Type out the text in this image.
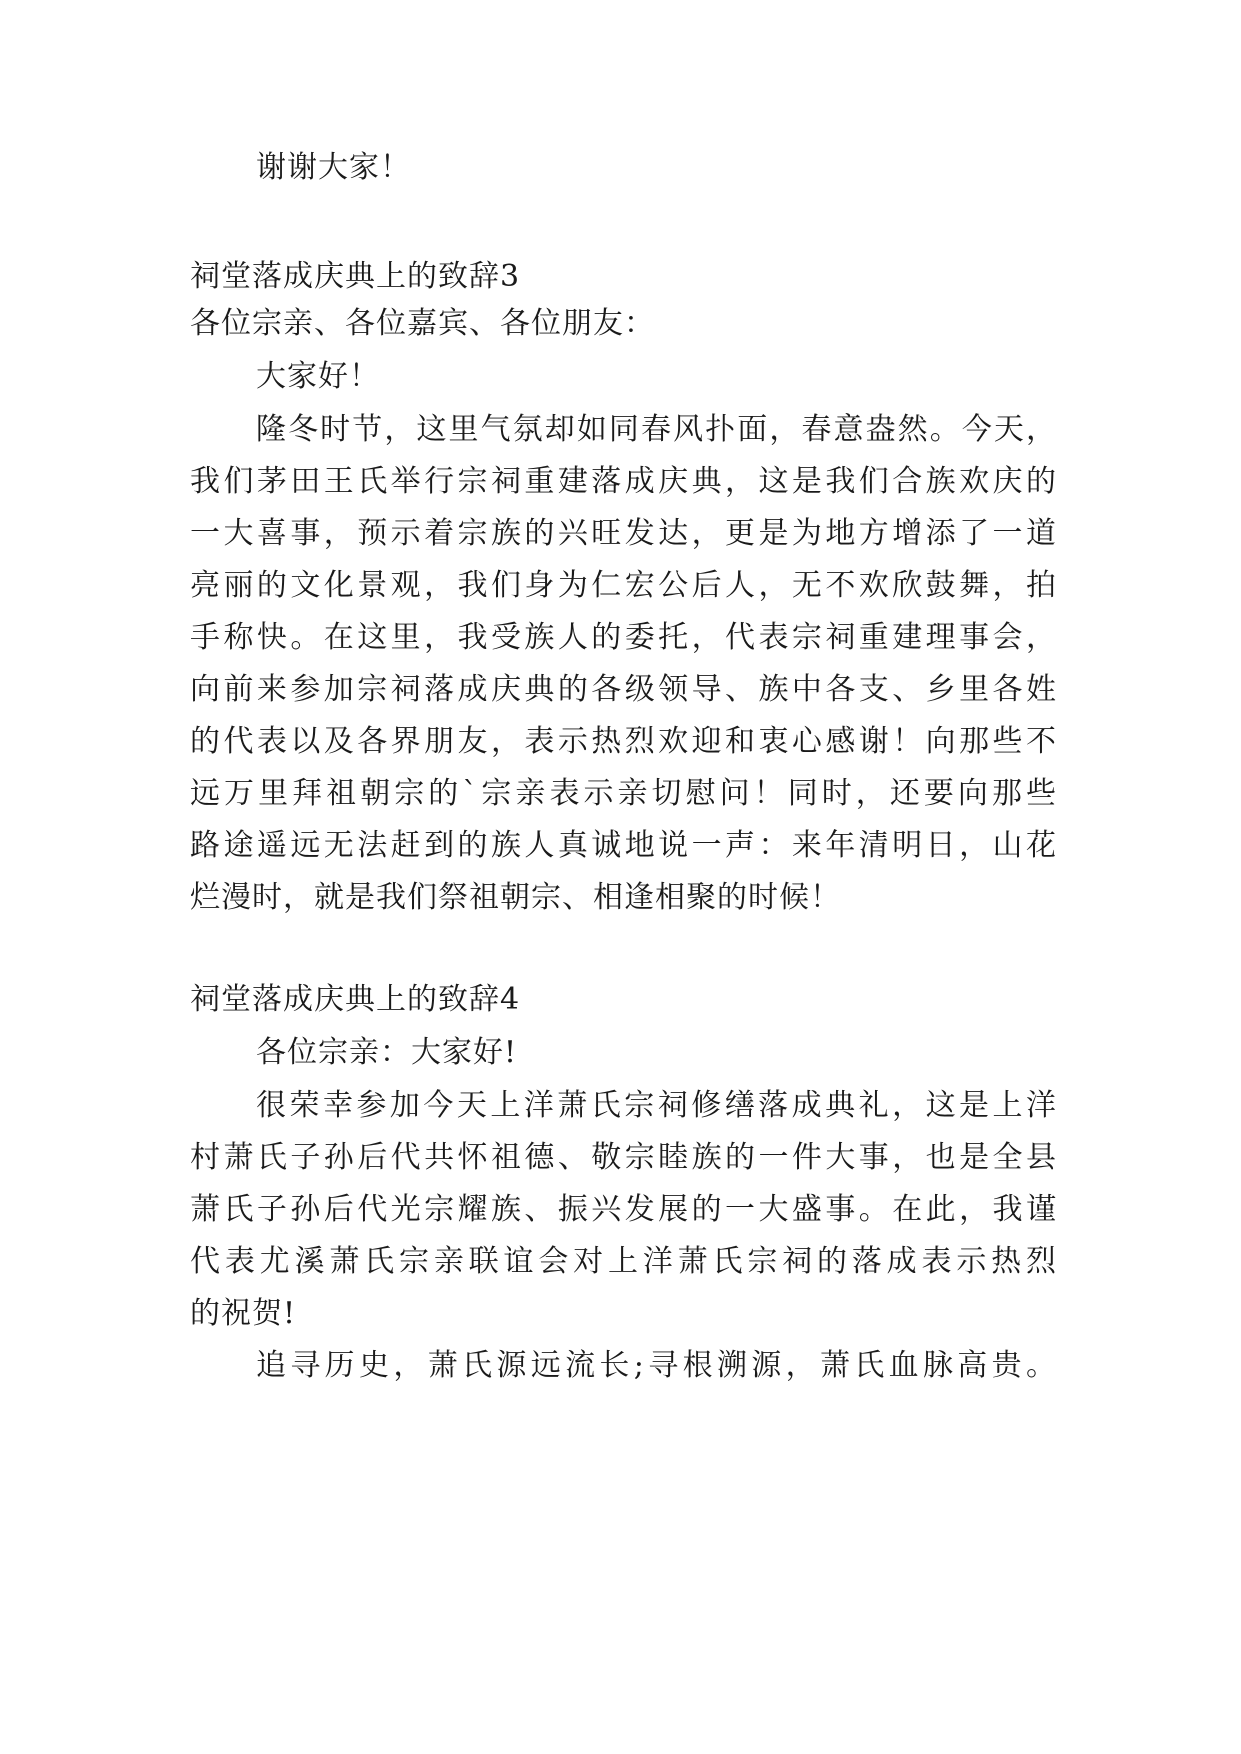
谢谢大家！
祠堂落成庆典上的致辞3
各位宗亲、各位嘉宾、各位朋友：
大家好！
隆冬时节，这里气氛却如同春风扑面，春意盎然。今天，
我们茅田王氏举行宗祠重建落成庆典，这是我们合族欢庆的
一大喜事，预示着宗族的兴旺发达，更是为地方增添了一道
亮丽的文化景观，我们身为仁宏公后人，无不欢欣鼓舞，拍
手称快。在这里，我受族人的委托，代表宗祠重建理事会，
向前来参加宗祠落成庆典的各级领导、族中各支、乡里各姓
的代表以及各界朋友，表示热烈欢迎和衷心感谢！向那些不
远万里拜祖朝宗的`宗亲表示亲切慰问！同时，还要向那些
路途遥远无法赶到的族人真诚地说一声：来年清明日，山花
烂漫时，就是我们祭祖朝宗、相逢相聚的时候！
祠堂落成庆典上的致辞4
各位宗亲：大家好!
很荣幸参加今天上洋萧氏宗祠修缮落成典礼，这是上洋
村萧氏子孙后代共怀祖德、敬宗睦族的一件大事，也是全县
萧氏子孙后代光宗耀族、振兴发展的一大盛事。在此，我谨
代表尤溪萧氏宗亲联谊会对上洋萧氏宗祠的落成表示热烈
的祝贺!
追寻历史，萧氏源远流长;寻根溯源，萧氏血脉高贵。
